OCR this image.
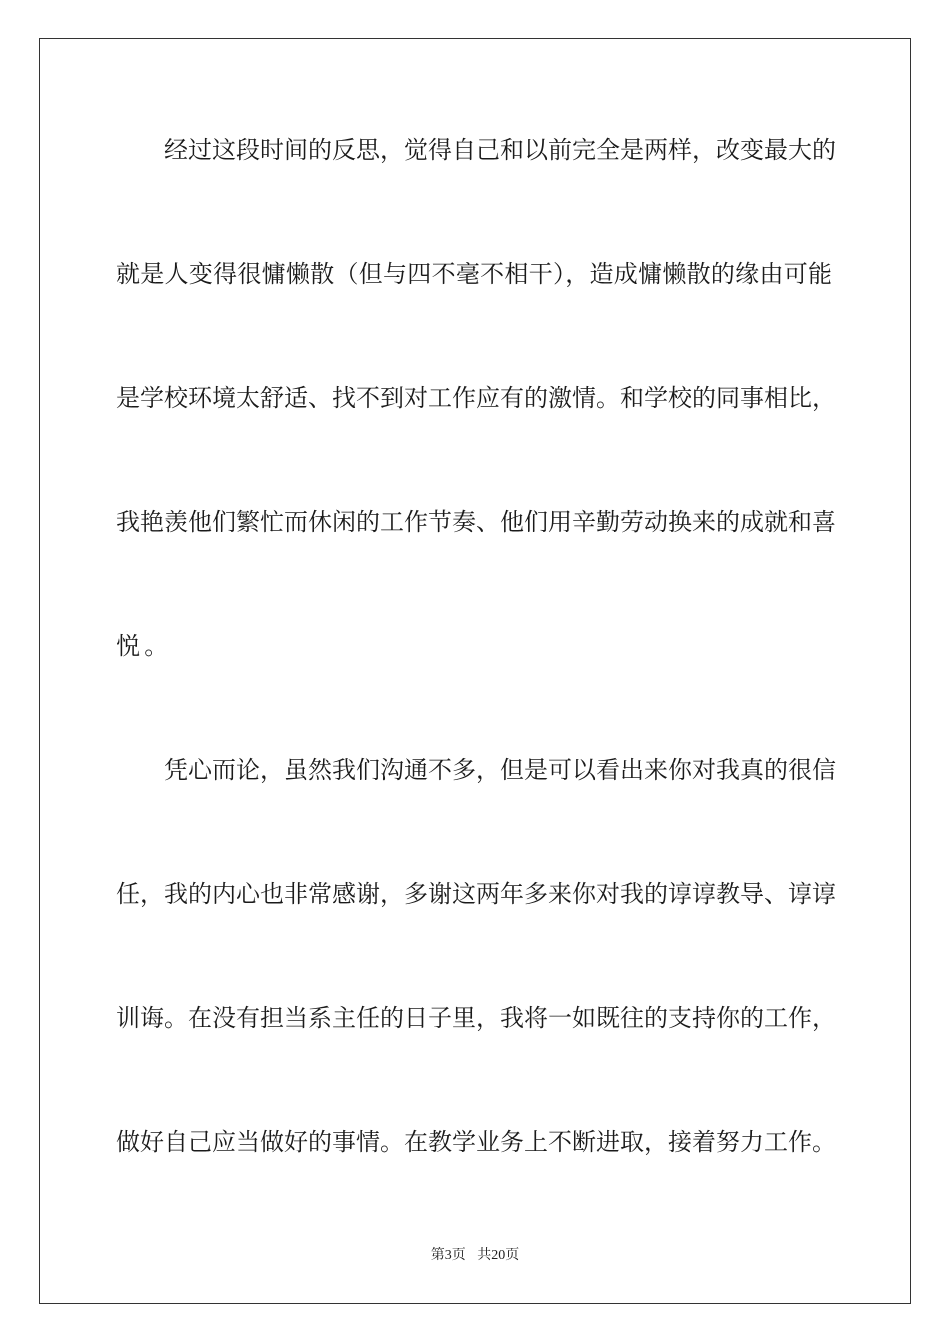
经过这段时间的反思，觉得自己和以前完全是两样，改变最大的
就是人变得很慵懒散（但与四不毫不相干），造成慵懒散的缘由可能
是学校环境太舒适、找不到对工作应有的激情。和学校的同事相比，
我艳羡他们繁忙而休闲的工作节奏、他们用辛勤劳动换来的成就和喜
悦。
凭心而论，虽然我们沟通不多，但是可以看出来你对我真的很信
任，我的内心也非常感谢，多谢这两年多来你对我的谆谆教导、谆谆
训诲。在没有担当系主任的日子里，我将一如既往的支持你的工作，
做好自己应当做好的事情。在教学业务上不断进取，接着努力工作。
第3页 共20页
